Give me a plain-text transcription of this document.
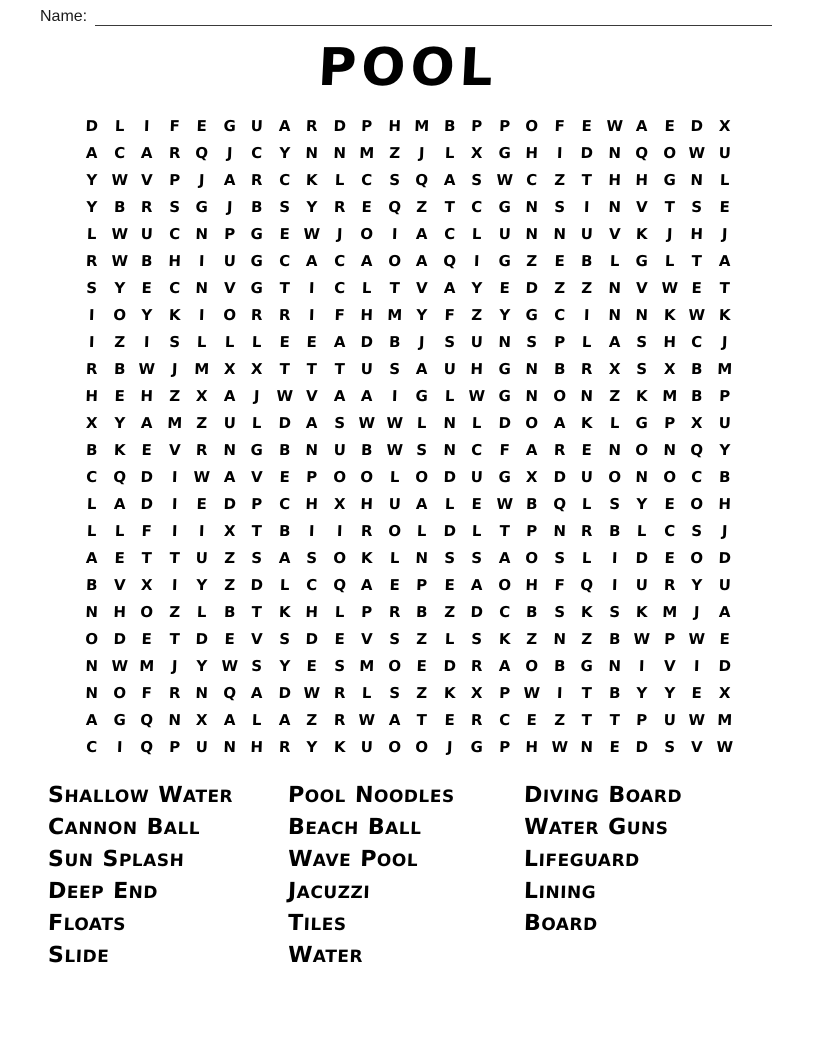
Name:
POOL
D	L	I	F	E	G U A	R D	P	H M B	P	P O	F	E W A	E	D X
A	C	A	R Q	J	C	Y	N N M Z	J	L	X G H	I	D N Q O W U
Y W V	P	J	A	R	C	K	L	C	S	Q A	S W C	Z	T	H H G N	L
Y	B	R	S	G	J	B	S	Y	R	E	Q	Z	T	C	G N	S	I	N V	T	S	E
L W U	C	N	P	G	E W	J	O	I	A	C	L	U N N U V	K	J	H	J
R W B H	I	U G	C	A	C	A O A Q	I	G	Z	E	B	L	G	L	T	A
S	Y	E	C	N V G	T	I	C	L	T	V	A	Y	E	D	Z	Z	N V W E	T
I	O	Y	K	I	O R	R	I	F	H M Y	F	Z	Y	G	C	I	N N K W K
I	Z	I	S	L	L	L	E	E	A D B	J	S	U N	S	P	L	A	S	H	C	J
R	B W	J	M X	X	T	T	T	U	S	A U H G N B	R	X	S	X	B M
H	E	H	Z	X	A	J	W V	A	A	I	G	L W G N O N	Z	K M B	P
X	Y	A M Z	U	L	D A	S W W L	N	L	D O A	K	L	G	P	X U
B	K	E	V	R N G B N U	B W S	N	C	F	A	R	E	N O N Q	Y
C Q D	I	W A	V	E	P O O	L	O D U G X D U O N O C	B
L	A D	I	E	D	P	C	H X H U A	L	E W B Q	L	S	Y	E	O H
L	L	F	I	I	X	T	B	I	I	R O	L	D	L	T	P	N R	B	L	C	S	J
A	E	T	T	U	Z	S	A	S	O K	L	N	S	S	A O	S	L	I	D	E	O D
B	V	X	I	Y	Z	D	L	C Q A	E	P	E	A O H	F	Q	I	U R	Y	U
N H O	Z	L	B	T	K H	L	P	R	B	Z	D	C	B	S	K	S	K M	J	A
O D	E	T	D	E	V	S	D	E	V	S	Z	L	S	K	Z	N	Z	B W P W E
N W M	J	Y W S	Y	E	S M O	E	D R	A O B G N	I	V	I	D
N O	F	R N Q A D W R	L	S	Z	K	X	P W	I	T	B	Y	Y	E	X
A G Q N X	A	L	A	Z	R W A	T	E	R	C	E	Z	T	T	P	U W M
C	I	Q P	U N H R	Y	K U O O	J	G	P	H W N	E	D	S	V W
SHALLOW WATER
CANNON BALL
SUN SPLASH
DEEP END
FLOATS
SLIDE
POOL NOODLES
BEACH BALL
WAVE POOL
JACUZZI
TILES
WATER
DIVING BOARD
WATER GUNS
LIFEGUARD
LINING
BOARD
